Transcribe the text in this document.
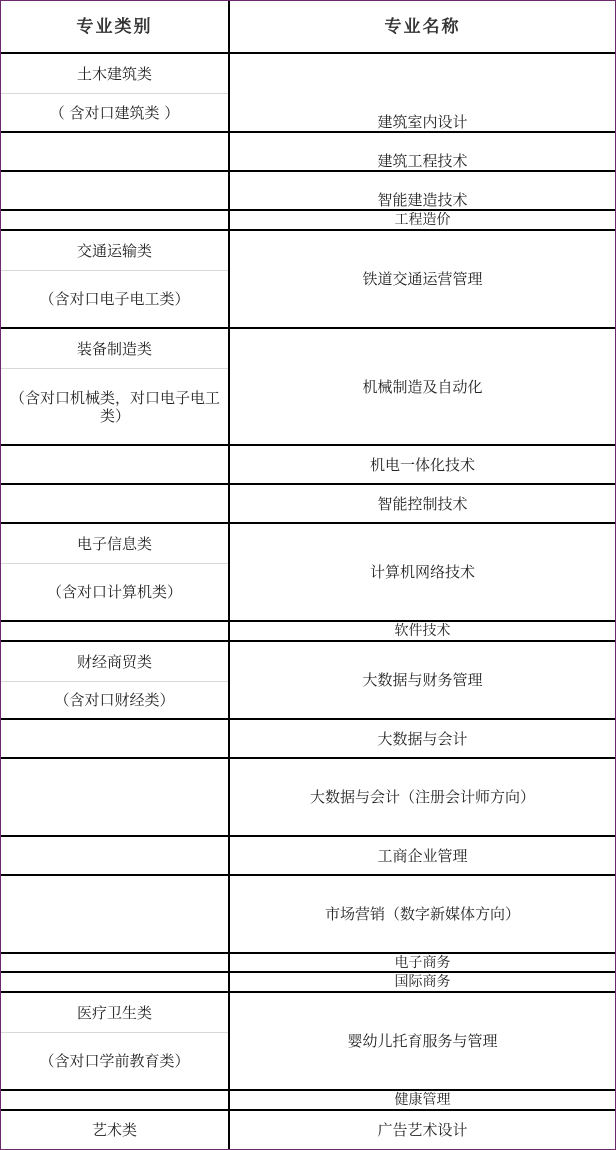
专业类别	专业名称
土木建筑类
（ 含对口建筑类 ）
交通运输类
（含对口电子电工类）
装备制造类
（含对口机械类，对口电子电工类）
电子信息类
（含对口计算机类）
财经商贸类
（含对口财经类）
医疗卫生类
（含对口学前教育类）
艺术类
建筑室内设计
建筑工程技术
智能建造技术
工程造价
铁道交通运营管理
机械制造及自动化
机电一体化技术
智能控制技术
计算机网络技术
软件技术
大数据与财务管理
大数据与会计
大数据与会计（注册会计师方向）
工商企业管理
市场营销（数字新媒体方向）
电子商务
国际商务
婴幼儿托育服务与管理
健康管理
广告艺术设计
